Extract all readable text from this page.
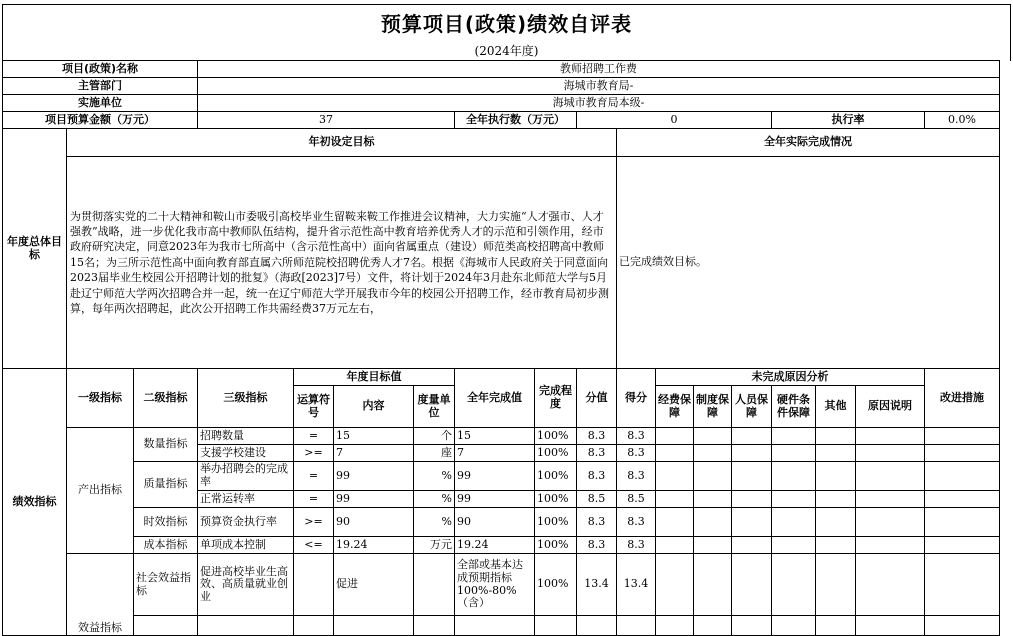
预算项目(政策)绩效自评表
(2024年度)
项目(政策)名称			教师招聘工作费														
主管部门			海城市教育局-														
实施单位			海城市教育局本级-														
项目预算金额（万元）			37				全年执行数（万元）		0					执行率			0.0%
年度总体目标	年初设定目标									全年实际完成情况							
	为贯彻落实党的二十大精神和鞍山市委吸引高校毕业生留鞍来鞍工作推进会议精神，大力实施“人才强市、人才强教”战略，进一步优化我市高中教师队伍结构，提升省示范性高中教育培养优秀人才的示范和引领作用，经市政府研究决定，同意2023年为我市七所高中（含示范性高中）面向省属重点（建设）师范类高校招聘高中教师15名；为三所示范性高中面向教育部直属六所师范院校招聘优秀人才7名。根据《海城市人民政府关于同意面向2023届毕业生校园公开招聘计划的批复》（海政[2023]7号）文件，将计划于2024年3月赴东北师范大学与5月赴辽宁师范大学两次招聘合并一起，统一在辽宁师范大学开展我市今年的校园公开招聘工作，经市教育局初步测算，每年两次招聘起，此次公开招聘工作共需经费37万元左右，									已完成绩效目标。							
绩效指标	一级指标	二级指标	三级指标	年度目标值			全年完成值	完成程度	分值	得分	未完成原因分析						改进措施
				运算符号	内容	度量单位					经费保障	制度保障	人员保障	硬件条件保障	其他	原因说明	
	产出指标	数量指标	招聘数量	=	15	个	15	100%	8.3	8.3							
			支援学校建设	>=	7	座	7	100%	8.3	8.3							
		质量指标	举办招聘会的完成率	=	99	%	99	100%	8.3	8.3							
			正常运转率	=	99	%	99	100%	8.5	8.5							
		时效指标	预算资金执行率	>=	90	%	90	100%	8.3	8.3							
		成本指标	单项成本控制	<=	19.24	万元	19.24	100%	8.3	8.3							
	效益指标	社会效益指标	促进高校毕业生高效、高质量就业创业		促进		全部或基本达成预期指标100%-80%（含）	100%	13.4	13.4							
